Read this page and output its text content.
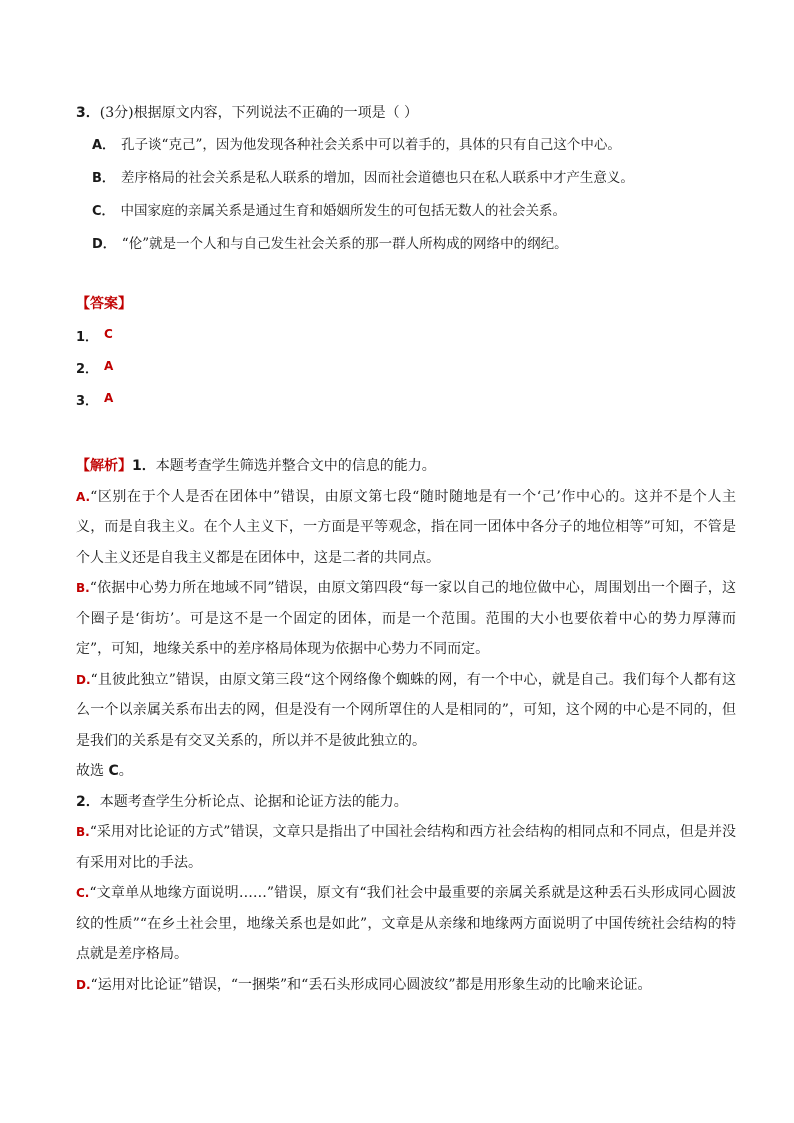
3．(3分)根据原文内容，下列说法不正确的一项是（ ）

A． 孔子谈“克己”，因为他发现各种社会关系中可以着手的，具体的只有自己这个中心。

B． 差序格局的社会关系是私人联系的增加，因而社会道德也只在私人联系中才产生意义。

C． 中国家庭的亲属关系是通过生育和婚姻所发生的可包括无数人的社会关系。

D． “伦”就是一个人和与自己发生社会关系的那一群人所构成的网络中的纲纪。

【答案】

1． C
2． A
3． A

【解析】1．本题考查学生筛选并整合文中的信息的能力。

A.“区别在于个人是否在团体中”错误，由原文第七段“随时随地是有一个‘己’作中心的。这并不是个人主义，而是自我主义。在个人主义下，一方面是平等观念，指在同一团体中各分子的地位相等”可知，不管是个人主义还是自我主义都是在团体中，这是二者的共同点。

B.“依据中心势力所在地域不同”错误，由原文第四段“每一家以自己的地位做中心，周围划出一个圈子，这个圈子是‘街坊’。可是这不是一个固定的团体，而是一个范围。范围的大小也要依着中心的势力厚薄而定”，可知，地缘关系中的差序格局体现为依据中心势力不同而定。

D.“且彼此独立”错误，由原文第三段“这个网络像个蜘蛛的网，有一个中心，就是自己。我们每个人都有这么一个以亲属关系布出去的网，但是没有一个网所罩住的人是相同的”，可知，这个网的中心是不同的，但是我们的关系是有交叉关系的，所以并不是彼此独立的。

故选 C。

2．本题考查学生分析论点、论据和论证方法的能力。

B.“采用对比论证的方式”错误，文章只是指出了中国社会结构和西方社会结构的相同点和不同点，但是并没有采用对比的手法。

C.“文章单从地缘方面说明……”错误，原文有“我们社会中最重要的亲属关系就是这种丢石头形成同心圆波纹的性质”“在乡土社会里，地缘关系也是如此”，文章是从亲缘和地缘两方面说明了中国传统社会结构的特点就是差序格局。

D.“运用对比论证”错误，“一捆柴”和“丢石头形成同心圆波纹”都是用形象生动的比喻来论证。
